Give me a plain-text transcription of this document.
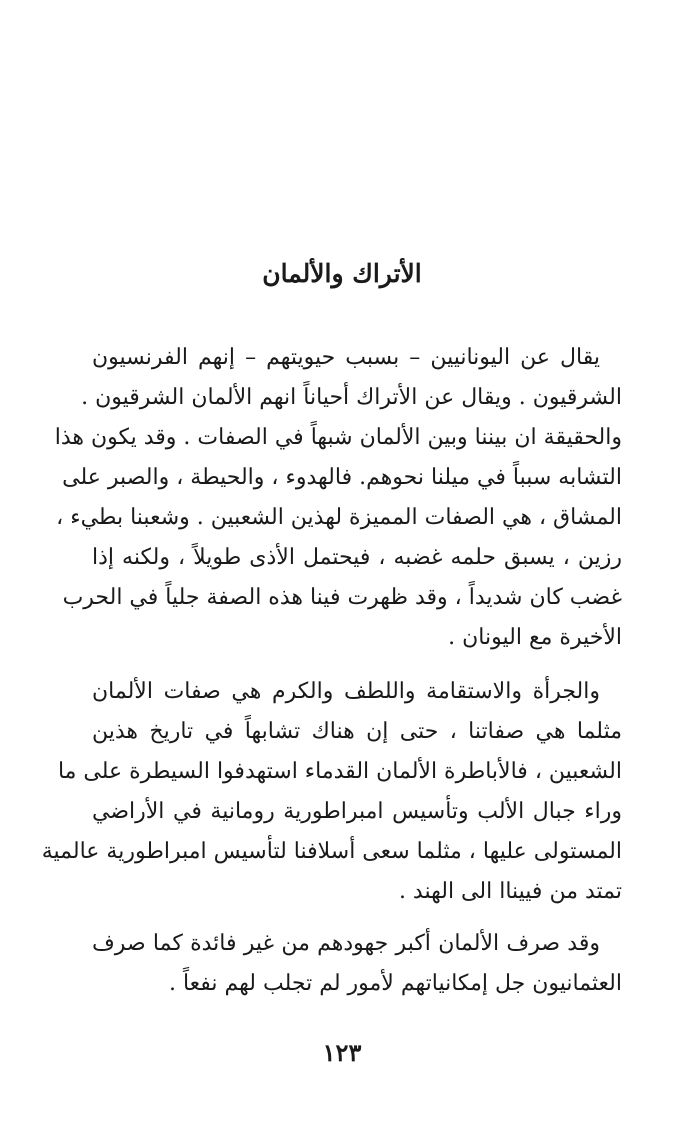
الأتراك والألمان
يقال عن اليونانيين – بسبب حيويتهم – إنهم الفرنسيون
الشرقيون . ويقال عن الأتراك أحياناً انهم الألمان الشرقيون .
والحقيقة ان بيننا وبين الألمان شبهاً في الصفات . وقد يكون هذا
التشابه سبباً في ميلنا نحوهم. فالهدوء ، والحيطة ، والصبر على
المشاق ، هي الصفات المميزة لهذين الشعبين . وشعبنا بطيء ،
رزين ، يسبق حلمه غضبه ، فيحتمل الأذى طويلاً ، ولكنه إذا
غضب كان شديداً ، وقد ظهرت فينا هذه الصفة جلياً في الحرب
الأخيرة مع اليونان .
والجرأة والاستقامة واللطف والكرم هي صفات الألمان
مثلما هي صفاتنا ، حتى إن هناك تشابهاً في تاريخ هذين
الشعبين ، فالأباطرة الألمان القدماء استهدفوا السيطرة على ما
وراء جبال الألب وتأسيس امبراطورية رومانية في الأراضي
المستولى عليها ، مثلما سعى أسلافنا لتأسيس امبراطورية عالمية
تمتد من فييناا الى الهند .
وقد صرف الألمان أكبر جهودهم من غير فائدة كما صرف
العثمانيون جل إمكانياتهم لأمور لم تجلب لهم نفعاً .
١٢٣
